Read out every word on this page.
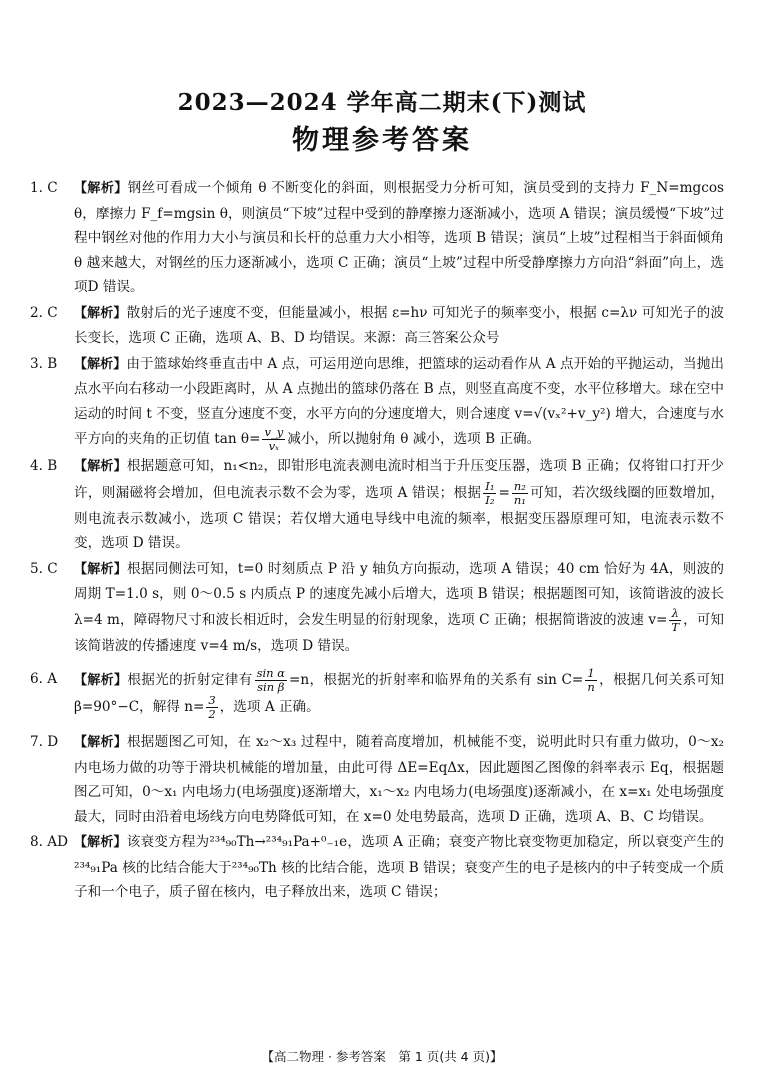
2023—2024 学年高二期末(下)测试
物理参考答案
1. C	【解析】钢丝可看成一个倾角 θ 不断变化的斜面，则根据受力分析可知，演员受到的支持力 F_N=mgcos θ，摩擦力 F_f=mgsin θ，则演员“下坡”过程中受到的静摩擦力逐渐减小，选项 A 错误；演员缓慢“下坡”过程中钢丝对他的作用力大小与演员和长杆的总重力大小相等，选项 B 错误；演员“上坡”过程相当于斜面倾角 θ 越来越大，对钢丝的压力逐渐减小，选项 C 正确；演员“上坡”过程中所受静摩擦力方向沿“斜面”向上，选项D 错误。
2. C	【解析】散射后的光子速度不变，但能量减小，根据 ε=hν 可知光子的频率变小，根据 c=λν 可知光子的波长变长，选项 C 正确，选项 A、B、D 均错误。来源：高三答案公众号
3. B	【解析】由于篮球始终垂直击中 A 点，可运用逆向思维，把篮球的运动看作从 A 点开始的平抛运动，当抛出点水平向右移动一小段距离时，从 A 点抛出的篮球仍落在 B 点，则竖直高度不变，水平位移增大。球在空中运动的时间 t 不变，竖直分速度不变，水平方向的分速度增大，则合速度 v=√(vₓ²+v_y²) 增大，合速度与水平方向的夹角的正切值 $\tan \theta= \frac{v\_y}{\text{vₓ}}$ 减小，所以抛射角 θ 减小，选项 B 正确。
4. B	【解析】根据题意可知，n₁<n₂，即钳形电流表测电流时相当于升压变压器，选项 B 正确；仅将钳口打开少许，则漏磁将会增加，但电流表示数不会为零，选项 A 错误；根据 $\frac{\text{I₁}}{\text{I₂}} = \frac{\text{n₂}}{\text{n₁}}$ 可知，若次级线圈的匝数增加，则电流表示数减小，选项 C 错误；若仅增大通电导线中电流的频率，根据变压器原理可知，电流表示数不变，选项 D 错误。
5. C	【解析】根据同侧法可知，t=0 时刻质点 P 沿 y 轴负方向振动，选项 A 错误；40 cm 恰好为 4A，则波的周期 T=1.0 s，则 0～0.5 s 内质点 P 的速度先减小后增大，选项 B 错误；根据题图可知，该简谐波的波长 λ=4 m，障碍物尺寸和波长相近时，会发生明显的衍射现象，选项 C 正确；根据简谐波的波速 $v= \frac{\lambda}{T}$ ，可知该简谐波的传播速度 v=4 m/s，选项 D 错误。
6. A	【解析】根据光的折射定律有 $\frac{\text{sin α}}{\text{sin β}} =n$，根据光的折射率和临界角的关系有 $\sin C= \frac{1}{n}$ ，根据几何关系可知 β=90°−C，解得 $n= \frac{3}{2}$ ，选项 A 正确。
7. D	【解析】根据题图乙可知，在 x₂～x₃ 过程中，随着高度增加，机械能不变，说明此时只有重力做功，0～x₂ 内电场力做的功等于滑块机械能的增加量，由此可得 ΔE=EqΔx，因此题图乙图像的斜率表示 Eq，根据题图乙可知，0～x₁ 内电场力(电场强度)逐渐增大，x₁～x₂ 内电场力(电场强度)逐渐减小，在 x=x₁ 处电场强度最大，同时由沿着电场线方向电势降低可知，在 x=0 处电势最高，选项 D 正确，选项 A、B、C 均错误。
8. AD 【解析】该衰变方程为²³⁴₉₀Th→²³⁴₉₁Pa+⁰₋₁e，选项 A 正确；衰变产物比衰变物更加稳定，所以衰变产生的²³⁴₉₁Pa 核的比结合能大于²³⁴₉₀Th 核的比结合能，选项 B 错误；衰变产生的电子是核内的中子转变成一个质子和一个电子，质子留在核内，电子释放出来，选项 C 错误；
【高二物理 · 参考答案　第 1 页(共 4 页)】
